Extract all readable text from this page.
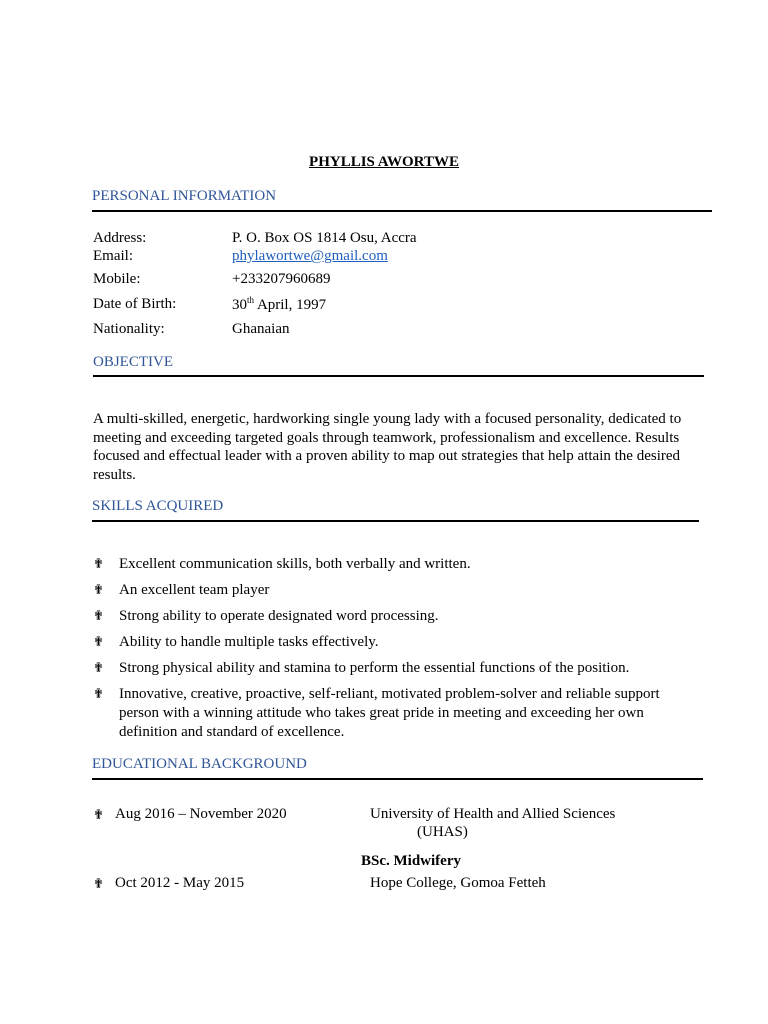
PHYLLIS AWORTWE
PERSONAL INFORMATION
Address:	P. O. Box OS 1814 Osu, Accra
Email:	phylawortwe@gmail.com
Mobile:	+233207960689
Date of Birth:	30th April, 1997
Nationality:	Ghanaian
OBJECTIVE
A multi-skilled, energetic, hardworking single young lady with a focused personality, dedicated to meeting and exceeding targeted goals through teamwork, professionalism and excellence. Results focused and effectual leader with a proven ability to map out strategies that help attain the desired results.
SKILLS ACQUIRED
✟ Excellent communication skills, both verbally and written.
✟ An excellent team player
✟ Strong ability to operate designated word processing.
✟ Ability to handle multiple tasks effectively.
✟ Strong physical ability and stamina to perform the essential functions of the position.
✟ Innovative, creative, proactive, self-reliant, motivated problem-solver and reliable support person with a winning attitude who takes great pride in meeting and exceeding her own definition and standard of excellence.
EDUCATIONAL BACKGROUND
✟ Aug 2016 – November 2020	University of Health and Allied Sciences
(UHAS)
BSc. Midwifery
✟ Oct 2012 - May 2015	Hope College, Gomoa Fetteh
